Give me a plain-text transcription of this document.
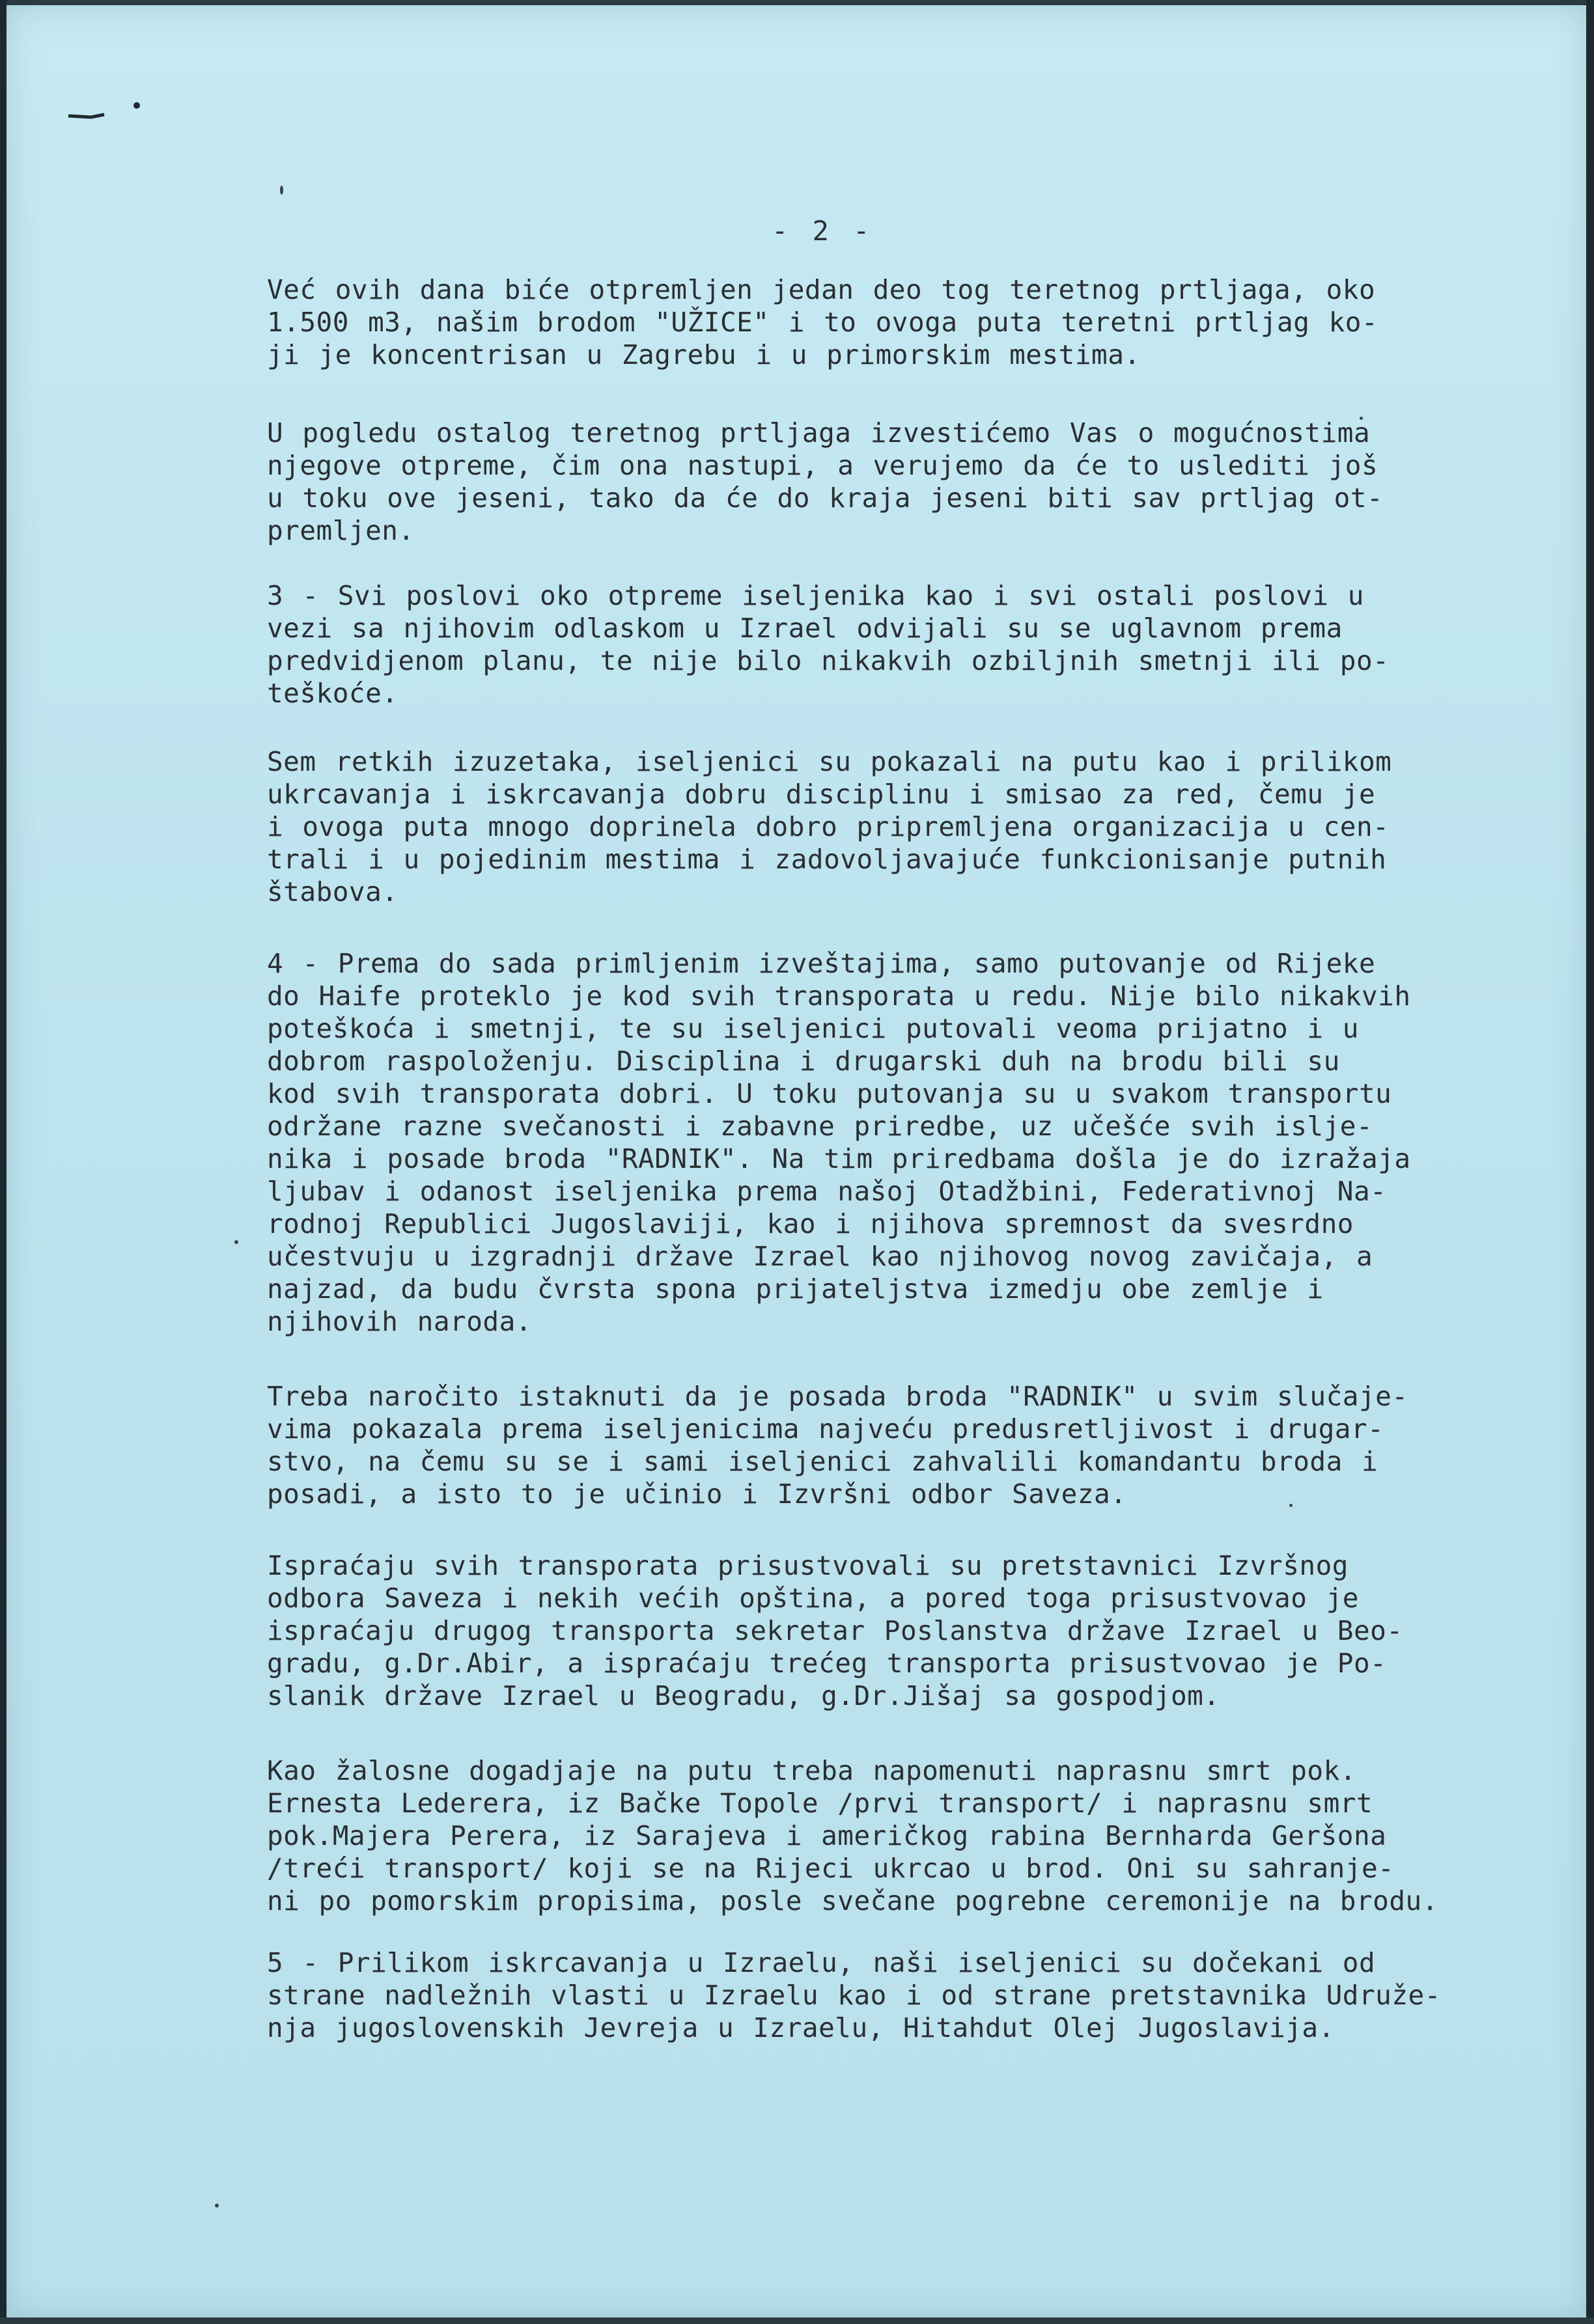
- 2 -

Već ovih dana biće otpremljen jedan deo tog teretnog prtljaga, oko

1.500 m3, našim brodom "UŽICE" i to ovoga puta teretni prtljag ko-

ji je koncentrisan u Zagrebu i u primorskim mestima.

U pogledu ostalog teretnog prtljaga izvestićemo Vas o mogućnostima

njegove otpreme, čim ona nastupi, a verujemo da će to uslediti još

u toku ove jeseni, tako da će do kraja jeseni biti sav prtljag ot-

premljen.

3 - Svi poslovi oko otpreme iseljenika kao i svi ostali poslovi u

vezi sa njihovim odlaskom u Izrael odvijali su se uglavnom prema

predvidjenom planu, te nije bilo nikakvih ozbiljnih smetnji ili po-

teškoće.

Sem retkih izuzetaka, iseljenici su pokazali na putu kao i prilikom

ukrcavanja i iskrcavanja dobru disciplinu i smisao za red, čemu je

i ovoga puta mnogo doprinela dobro pripremljena organizacija u cen-

trali i u pojedinim mestima i zadovoljavajuće funkcionisanje putnih

štabova.

4 - Prema do sada primljenim izveštajima, samo putovanje od Rijeke

do Haife proteklo je kod svih transporata u redu. Nije bilo nikakvih

poteškoća i smetnji, te su iseljenici putovali veoma prijatno i u

dobrom raspoloženju. Disciplina i drugarski duh na brodu bili su

kod svih transporata dobri. U toku putovanja su u svakom transportu

održane razne svečanosti i zabavne priredbe, uz učešće svih islje-

nika i posade broda "RADNIK". Na tim priredbama došla je do izražaja

ljubav i odanost iseljenika prema našoj Otadžbini, Federativnoj Na-

rodnoj Republici Jugoslaviji, kao i njihova spremnost da svesrdno

učestvuju u izgradnji države Izrael kao njihovog novog zavičaja, a

najzad, da budu čvrsta spona prijateljstva izmedju obe zemlje i

njihovih naroda.

Treba naročito istaknuti da je posada broda "RADNIK" u svim slučaje-

vima pokazala prema iseljenicima najveću predusretljivost i drugar-

stvo, na čemu su se i sami iseljenici zahvalili komandantu broda i

posadi, a isto to je učinio i Izvršni odbor Saveza.

Ispraćaju svih transporata prisustvovali su pretstavnici Izvršnog

odbora Saveza i nekih većih opština, a pored toga prisustvovao je

ispraćaju drugog transporta sekretar Poslanstva države Izrael u Beo-

gradu, g.Dr.Abir, a ispraćaju trećeg transporta prisustvovao je Po-

slanik države Izrael u Beogradu, g.Dr.Jišaj sa gospodjom.

Kao žalosne dogadjaje na putu treba napomenuti naprasnu smrt pok.

Ernesta Ledererа, iz Bačke Topole /prvi transport/ i naprasnu smrt

pok.Majera Perera, iz Sarajeva i američkog rabina Bernharda Geršona

/treći transport/ koji se na Rijeci ukrcao u brod. Oni su sahranje-

ni po pomorskim propisima, posle svečane pogrebne ceremonije na brodu.

5 - Prilikom iskrcavanja u Izraelu, naši iseljenici su dočekani od

strane nadležnih vlasti u Izraelu kao i od strane pretstavnika Udruže-

nja jugoslovenskih Jevreja u Izraelu, Hitahdut Olej Jugoslavija.
